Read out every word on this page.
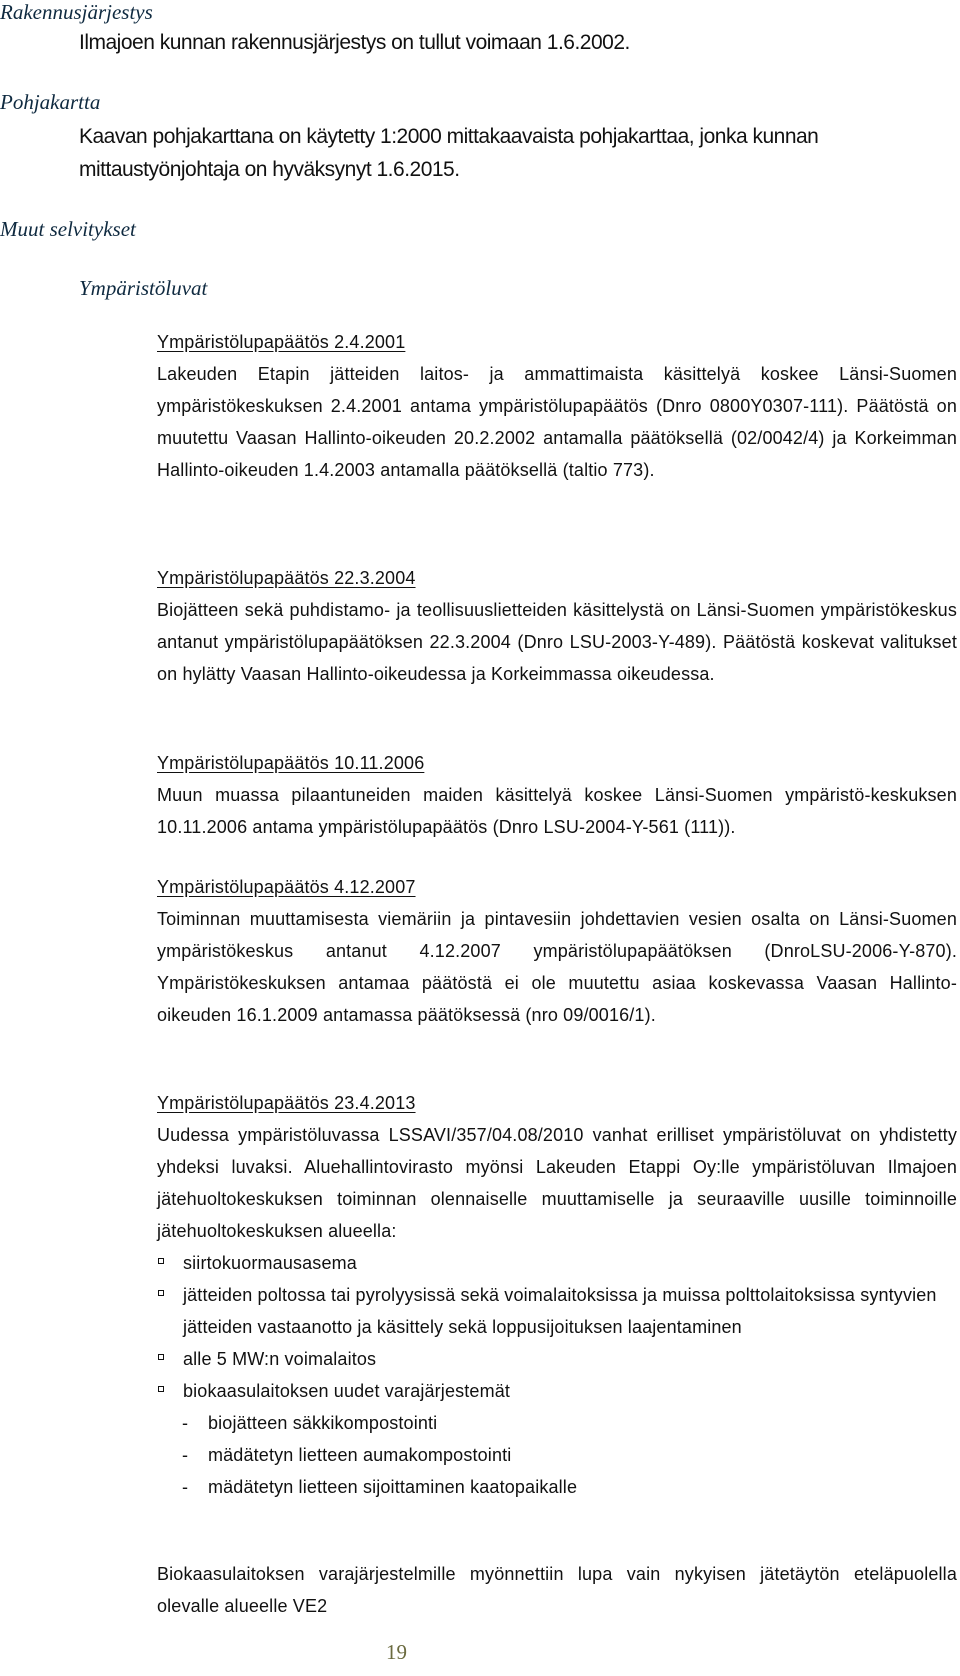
Rakennusjärjestys
Ilmajoen kunnan rakennusjärjestys on tullut voimaan 1.6.2002.
Pohjakartta
Kaavan pohjakarttana on käytetty 1:2000 mittakaavaista pohjakarttaa, jonka kunnan
mittaustyönjohtaja on hyväksynyt 1.6.2015.
Muut selvitykset
Ympäristöluvat
Ympäristölupapäätös 2.4.2001

Lakeuden Etapin jätteiden laitos- ja ammattimaista käsittelyä koskee Länsi-Suomen ympäristökeskuksen 2.4.2001 antama ympäristölupapäätös (Dnro 0800Y0307-111). Päätöstä on muutettu Vaasan Hallinto-oikeuden 20.2.2002 antamalla päätöksellä (02/0042/4) ja Korkeimman Hallinto-oikeuden 1.4.2003 antamalla päätöksellä (taltio 773).

Ympäristölupapäätös 22.3.2004

Biojätteen sekä puhdistamo- ja teollisuuslietteiden käsittelystä on Länsi-Suomen ympäristökeskus antanut ympäristölupapäätöksen 22.3.2004 (Dnro LSU-2003-Y-489). Päätöstä koskevat valitukset on hylätty Vaasan Hallinto-oikeudessa ja Korkeimmassa oikeudessa.

Ympäristölupapäätös 10.11.2006

Muun muassa pilaantuneiden maiden käsittelyä koskee Länsi-Suomen ympäristö-keskuksen 10.11.2006 antama ympäristölupapäätös (Dnro LSU-2004-Y-561 (111)).

Ympäristölupapäätös 4.12.2007

Toiminnan muuttamisesta viemäriin ja pintavesiin johdettavien vesien osalta on Länsi-Suomen ympäristökeskus antanut 4.12.2007 ympäristölupapäätöksen (DnroLSU-2006-Y-870). Ympäristökeskuksen antamaa päätöstä ei ole muutettu asiaa koskevassa Vaasan Hallinto-oikeuden 16.1.2009 antamassa päätöksessä (nro 09/0016/1).

Ympäristölupapäätös 23.4.2013

Uudessa ympäristöluvassa LSSAVI/357/04.08/2010 vanhat erilliset ympäristöluvat on yhdistetty yhdeksi luvaksi. Aluehallintovirasto myönsi Lakeuden Etappi Oy:lle ympäristöluvan Ilmajoen jätehuoltokeskuksen toiminnan olennaiselle muuttamiselle ja seuraaville uusille toiminnoille jätehuoltokeskuksen alueella:

siirtokuormausasema
jätteiden poltossa tai pyrolyysissä sekä voimalaitoksissa ja muissa polttolaitoksissa syntyvien jätteiden vastaanotto ja käsittely sekä loppusijoituksen laajentaminen
alle 5 MW:n voimalaitos
biokaasulaitoksen uudet varajärjestemät
- biojätteen säkkikompostointi
- mädätetyn lietteen aumakompostointi
- mädätetyn lietteen sijoittaminen kaatopaikalle

Biokaasulaitoksen varajärjestelmille myönnettiin lupa vain nykyisen jätetäytön eteläpuolella olevalle alueelle VE2

19
